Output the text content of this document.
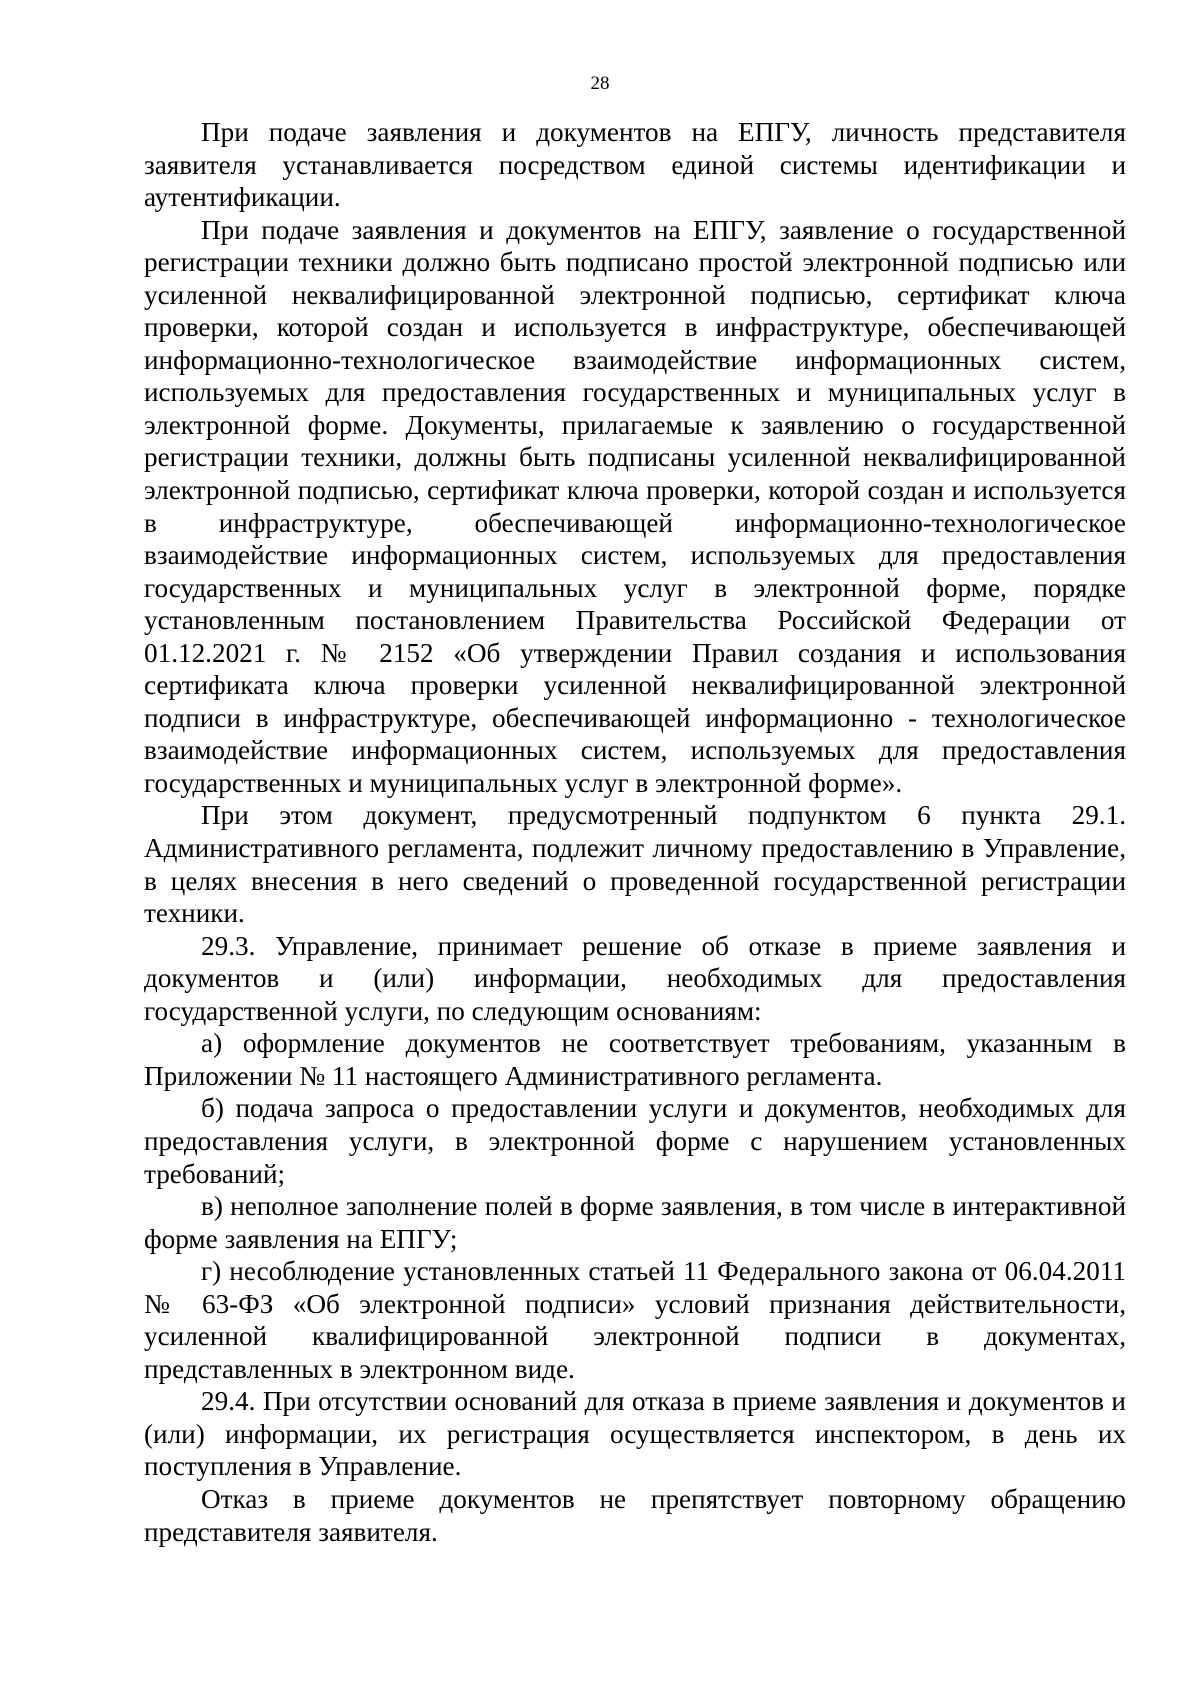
28

При подаче заявления и документов на ЕПГУ, личность представителя заявителя устанавливается посредством единой системы идентификации и аутентификации.

При подаче заявления и документов на ЕПГУ, заявление о государственной регистрации техники должно быть подписано простой электронной подписью или усиленной неквалифицированной электронной подписью, сертификат ключа проверки, которой создан и используется в инфраструктуре, обеспечивающей информационно-технологическое взаимодействие информационных систем, используемых для предоставления государственных и муниципальных услуг в электронной форме. Документы, прилагаемые к заявлению о государственной регистрации техники, должны быть подписаны усиленной неквалифицированной электронной подписью, сертификат ключа проверки, которой создан и используется в инфраструктуре, обеспечивающей информационно-технологическое взаимодействие информационных систем, используемых для предоставления государственных и муниципальных услуг в электронной форме, порядке установленным постановлением Правительства Российской Федерации от 01.12.2021 г. № 2152 «Об утверждении Правил создания и использования сертификата ключа проверки усиленной неквалифицированной электронной подписи в инфраструктуре, обеспечивающей информационно - технологическое взаимодействие информационных систем, используемых для предоставления государственных и муниципальных услуг в электронной форме».

При этом документ, предусмотренный подпунктом 6 пункта 29.1. Административного регламента, подлежит личному предоставлению в Управление, в целях внесения в него сведений о проведенной государственной регистрации техники.

29.3. Управление, принимает решение об отказе в приеме заявления и документов и (или) информации, необходимых для предоставления государственной услуги, по следующим основаниям:

а) оформление документов не соответствует требованиям, указанным в Приложении № 11 настоящего Административного регламента.

б) подача запроса о предоставлении услуги и документов, необходимых для предоставления услуги, в электронной форме с нарушением установленных требований;

в) неполное заполнение полей в форме заявления, в том числе в интерактивной форме заявления на ЕПГУ;

г) несоблюдение установленных статьей 11 Федерального закона от 06.04.2011 № 63-ФЗ «Об электронной подписи» условий признания действительности, усиленной квалифицированной электронной подписи в документах, представленных в электронном виде.

29.4. При отсутствии оснований для отказа в приеме заявления и документов и (или) информации, их регистрация осуществляется инспектором, в день их поступления в Управление.

Отказ в приеме документов не препятствует повторному обращению представителя заявителя.
